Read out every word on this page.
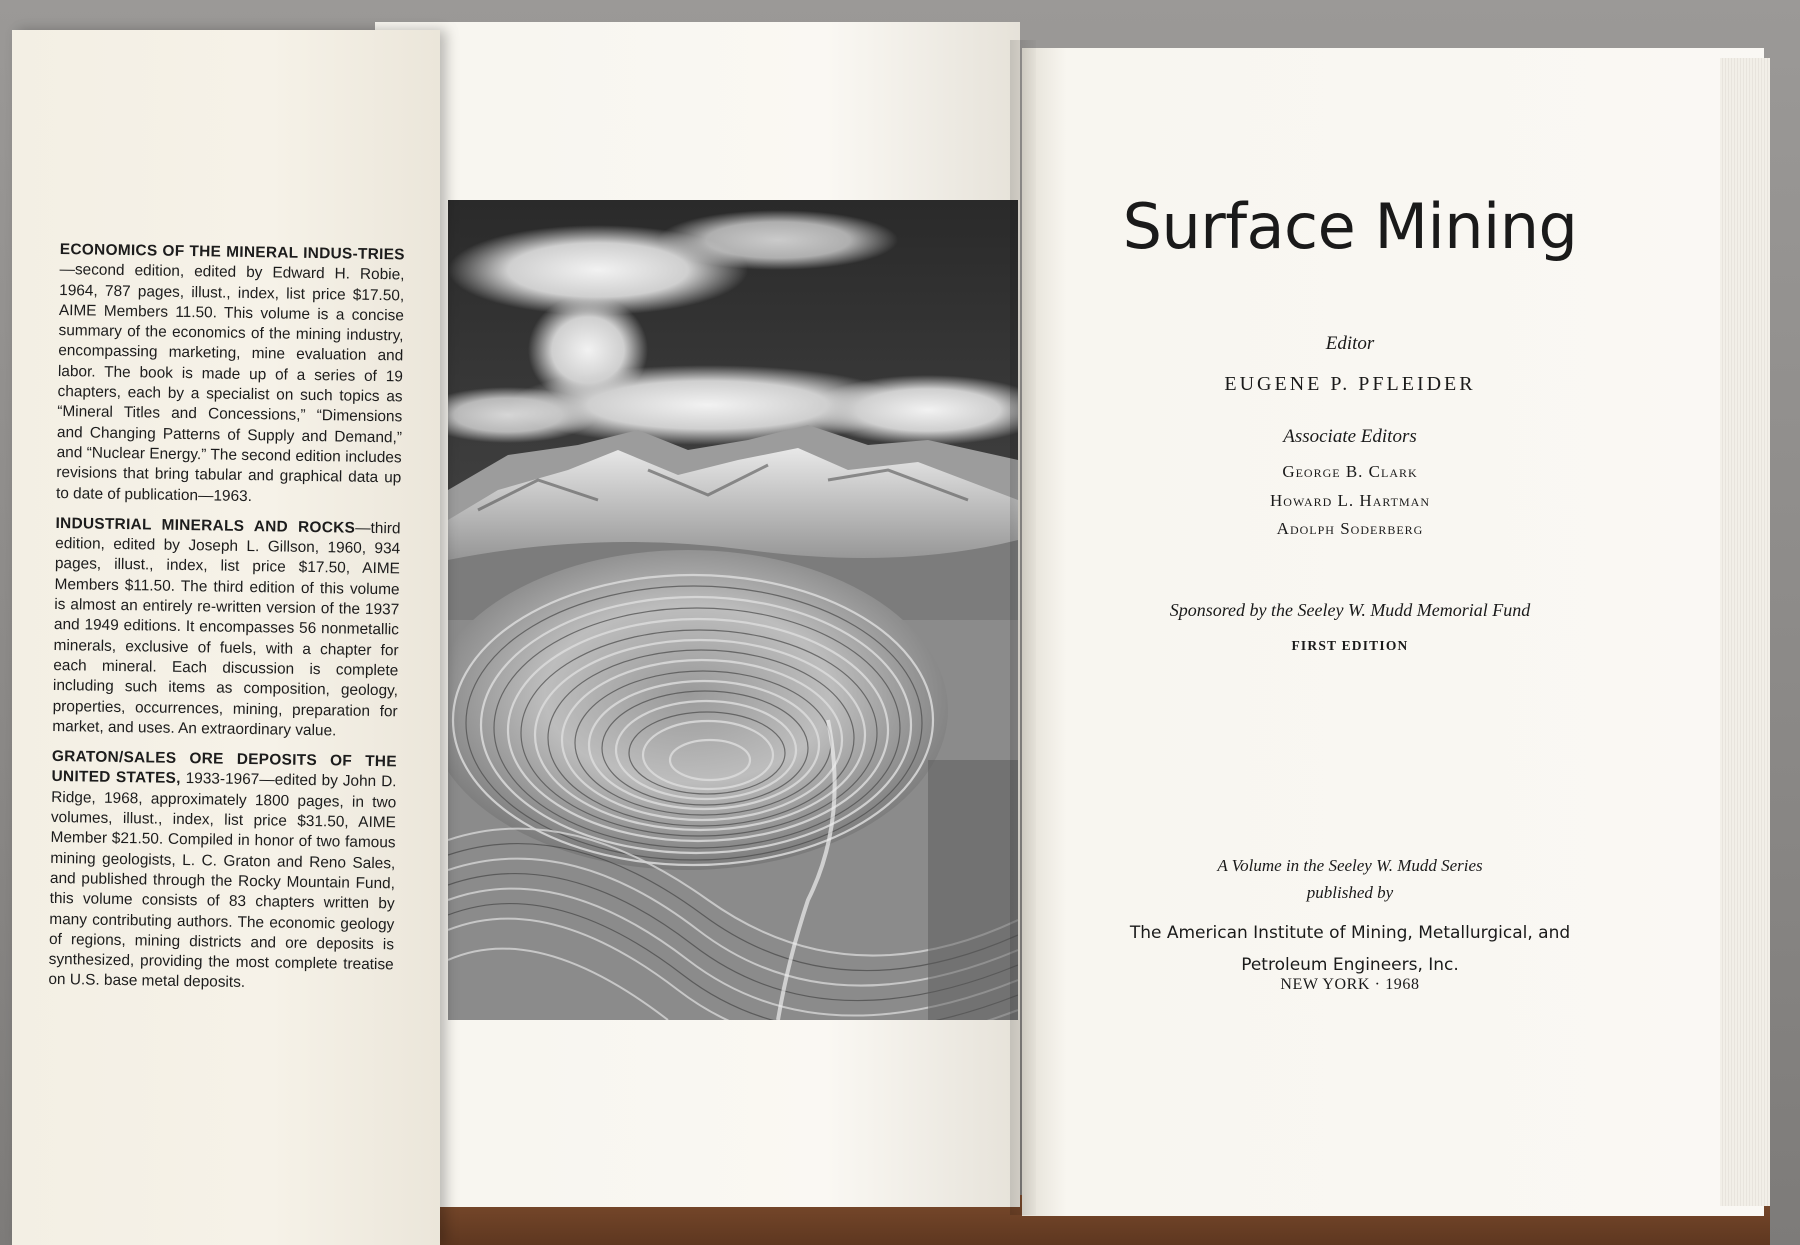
Surface Mining
Editor
EUGENE P. PFLEIDER
Associate Editors
George B. Clark
Howard L. Hartman
Adolph Soderberg
Sponsored by the Seeley W. Mudd Memorial Fund
FIRST EDITION
A Volume in the Seeley W. Mudd Series
published by
The American Institute of Mining, Metallurgical, and
Petroleum Engineers, Inc.
NEW YORK · 1968

ECONOMICS OF THE MINERAL INDUS-TRIES—second edition, edited by Edward H. Robie, 1964, 787 pages, illust., index, list price $17.50, AIME Members 11.50. This volume is a concise summary of the economics of the mining industry, encompassing marketing, mine evaluation and labor. The book is made up of a series of 19 chapters, each by a specialist on such topics as “Mineral Titles and Concessions,” “Dimensions and Changing Patterns of Supply and Demand,” and “Nuclear Energy.” The second edition includes revisions that bring tabular and graphical data up to date of publication—1963.

INDUSTRIAL MINERALS AND ROCKS—third edition, edited by Joseph L. Gillson, 1960, 934 pages, illust., index, list price $17.50, AIME Members $11.50. The third edition of this volume is almost an entirely re-written version of the 1937 and 1949 editions. It encompasses 56 nonmetallic minerals, exclusive of fuels, with a chapter for each mineral. Each discussion is complete including such items as composition, geology, properties, occurrences, mining, preparation for market, and uses. An extraordinary value.

GRATON/SALES ORE DEPOSITS OF THE UNITED STATES, 1933-1967—edited by John D. Ridge, 1968, approximately 1800 pages, in two volumes, illust., index, list price $31.50, AIME Member $21.50. Compiled in honor of two famous mining geologists, L. C. Graton and Reno Sales, and published through the Rocky Mountain Fund, this volume consists of 83 chapters written by many contributing authors. The economic geology of regions, mining districts and ore deposits is synthesized, providing the most complete treatise on U.S. base metal deposits.
